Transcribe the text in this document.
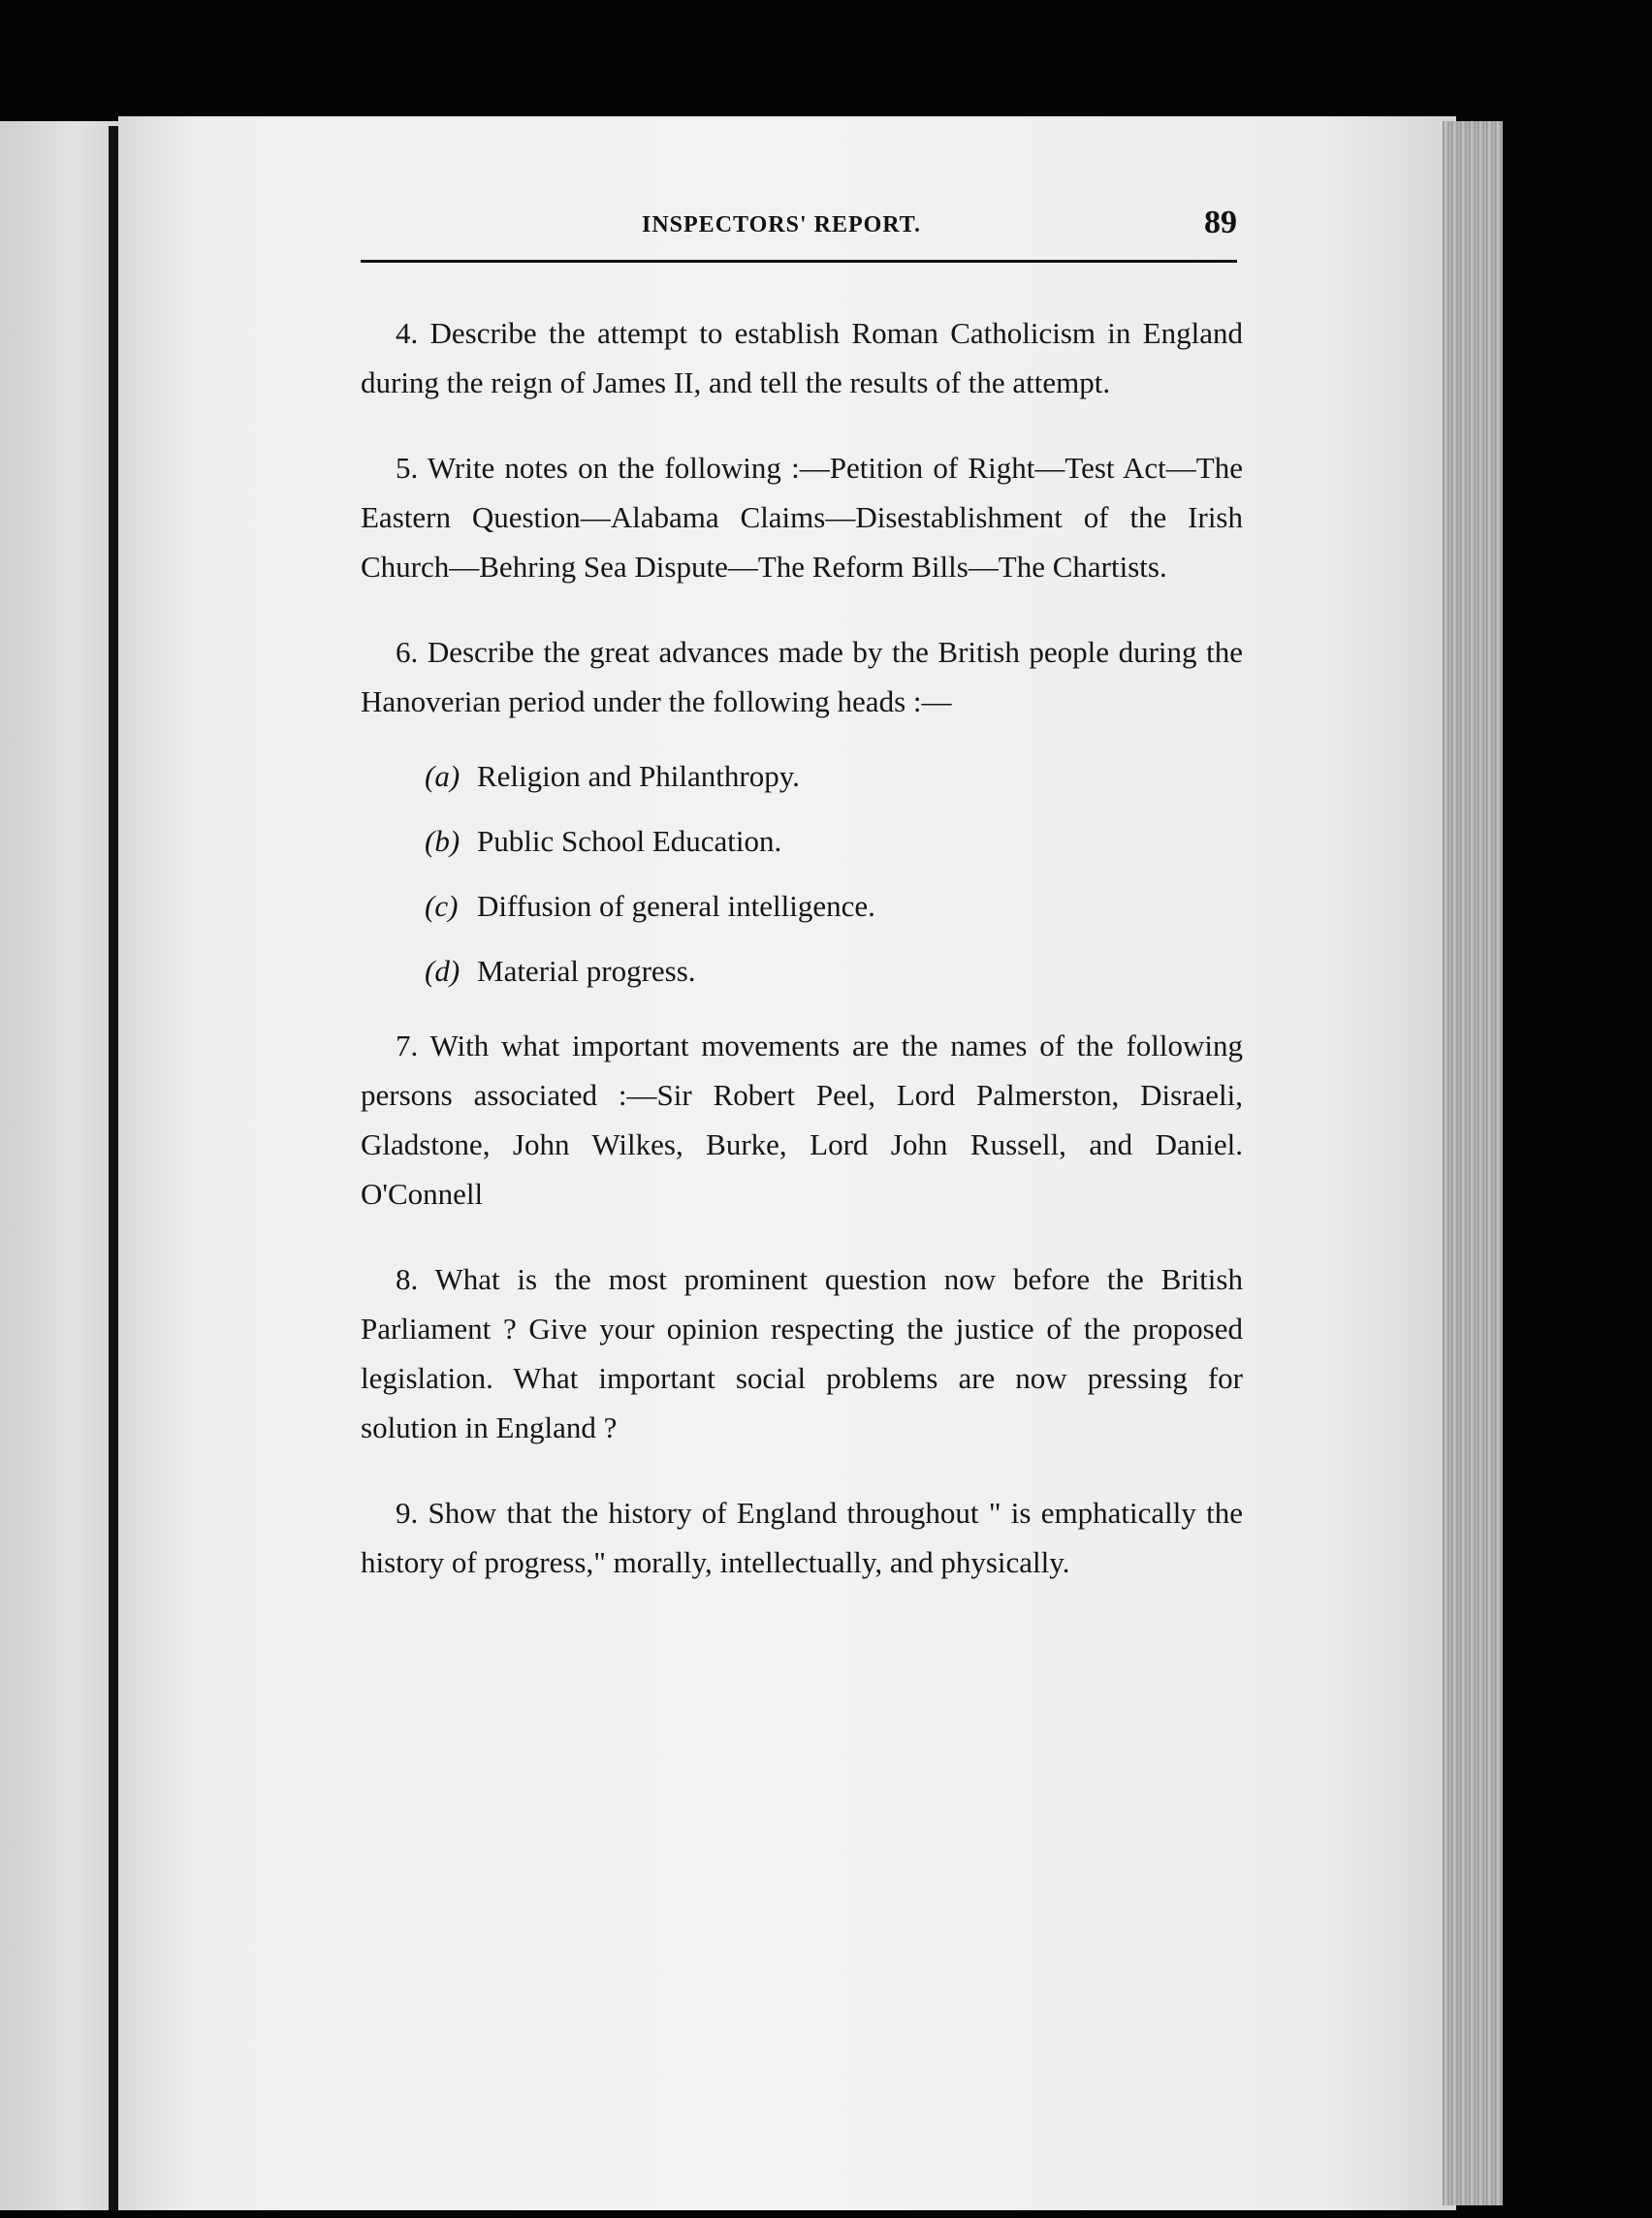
INSPECTORS' REPORT.	89

4. Describe the attempt to establish Roman Catholicism in England during the reign of James II, and tell the results of the attempt.

5. Write notes on the following :—Petition of Right—Test Act—The Eastern Question—Alabama Claims—Disestablishment of the Irish Church—Behring Sea Dispute—The Reform Bills—The Chartists.

6. Describe the great advances made by the British people during the Hanoverian period under the following heads :—

(a) Religion and Philanthropy.
(b) Public School Education.
(c) Diffusion of general intelligence.
(d) Material progress.

7. With what important movements are the names of the following persons associated :—Sir Robert Peel, Lord Palmerston, Disraeli, Gladstone, John Wilkes, Burke, Lord John Russell, and Daniel. O'Connell

8. What is the most prominent question now before the British Parliament ? Give your opinion respecting the justice of the proposed legislation. What important social problems are now pressing for solution in England ?

9. Show that the history of England throughout " is emphatically the history of progress," morally, intellectually, and physically.
